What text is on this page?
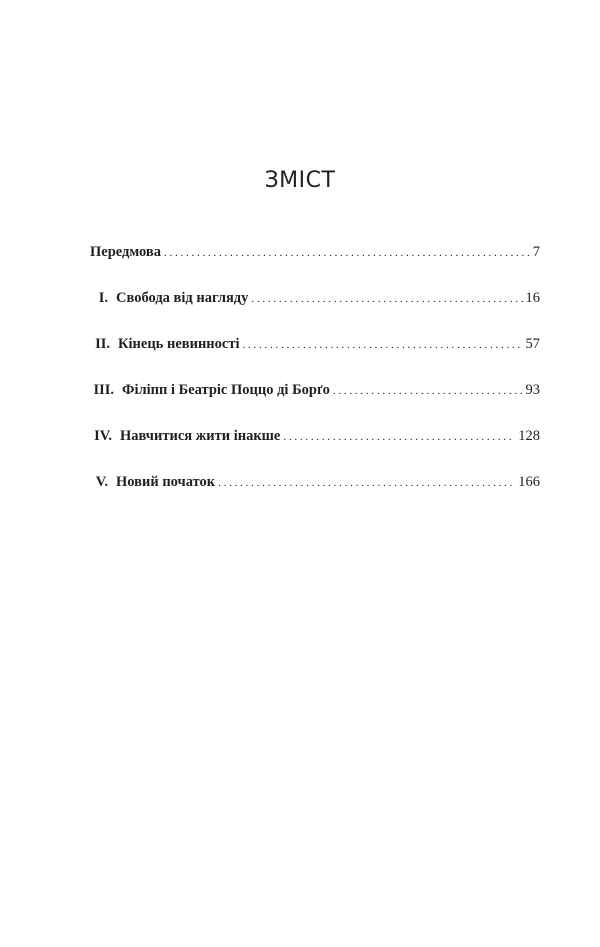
ЗМІСТ
Передмова . . .	7
I. Свобода від нагляду . . .	16
II. Кінець невинності . . .	57
III. Філіпп і Беатріс Поццо ді Борґо . . .	93
IV. Навчитися жити інакше . . .	128
V. Новий початок . . .	166
